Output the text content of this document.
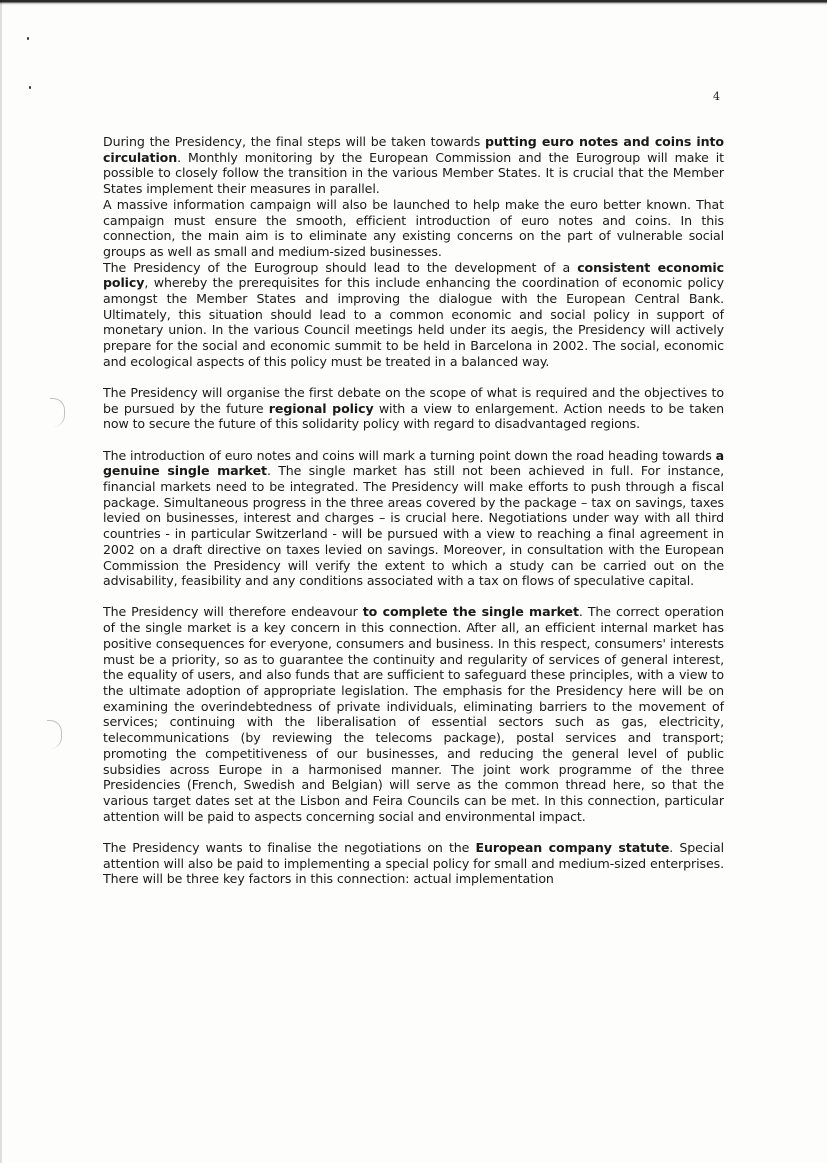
4

During the Presidency, the final steps will be taken towards putting euro notes and coins into circulation. Monthly monitoring by the European Commission and the Eurogroup will make it possible to closely follow the transition in the various Member States. It is crucial that the Member States implement their measures in parallel.

A massive information campaign will also be launched to help make the euro better known. That campaign must ensure the smooth, efficient introduction of euro notes and coins. In this connection, the main aim is to eliminate any existing concerns on the part of vulnerable social groups as well as small and medium-sized businesses.

The Presidency of the Eurogroup should lead to the development of a consistent economic policy, whereby the prerequisites for this include enhancing the coordination of economic policy amongst the Member States and improving the dialogue with the European Central Bank. Ultimately, this situation should lead to a common economic and social policy in support of monetary union. In the various Council meetings held under its aegis, the Presidency will actively prepare for the social and economic summit to be held in Barcelona in 2002. The social, economic and ecological aspects of this policy must be treated in a balanced way.

The Presidency will organise the first debate on the scope of what is required and the objectives to be pursued by the future regional policy with a view to enlargement. Action needs to be taken now to secure the future of this solidarity policy with regard to disadvantaged regions.

The introduction of euro notes and coins will mark a turning point down the road heading towards a genuine single market. The single market has still not been achieved in full. For instance, financial markets need to be integrated. The Presidency will make efforts to push through a fiscal package. Simultaneous progress in the three areas covered by the package – tax on savings, taxes levied on businesses, interest and charges – is crucial here. Negotiations under way with all third countries - in particular Switzerland - will be pursued with a view to reaching a final agreement in 2002 on a draft directive on taxes levied on savings. Moreover, in consultation with the European Commission the Presidency will verify the extent to which a study can be carried out on the advisability, feasibility and any conditions associated with a tax on flows of speculative capital.

The Presidency will therefore endeavour to complete the single market. The correct operation of the single market is a key concern in this connection. After all, an efficient internal market has positive consequences for everyone, consumers and business. In this respect, consumers' interests must be a priority, so as to guarantee the continuity and regularity of services of general interest, the equality of users, and also funds that are sufficient to safeguard these principles, with a view to the ultimate adoption of appropriate legislation. The emphasis for the Presidency here will be on examining the overindebtedness of private individuals, eliminating barriers to the movement of services; continuing with the liberalisation of essential sectors such as gas, electricity, telecommunications (by reviewing the telecoms package), postal services and transport; promoting the competitiveness of our businesses, and reducing the general level of public subsidies across Europe in a harmonised manner. The joint work programme of the three Presidencies (French, Swedish and Belgian) will serve as the common thread here, so that the various target dates set at the Lisbon and Feira Councils can be met. In this connection, particular attention will be paid to aspects concerning social and environmental impact.

The Presidency wants to finalise the negotiations on the European company statute. Special attention will also be paid to implementing a special policy for small and medium-sized enterprises. There will be three key factors in this connection: actual implementation
